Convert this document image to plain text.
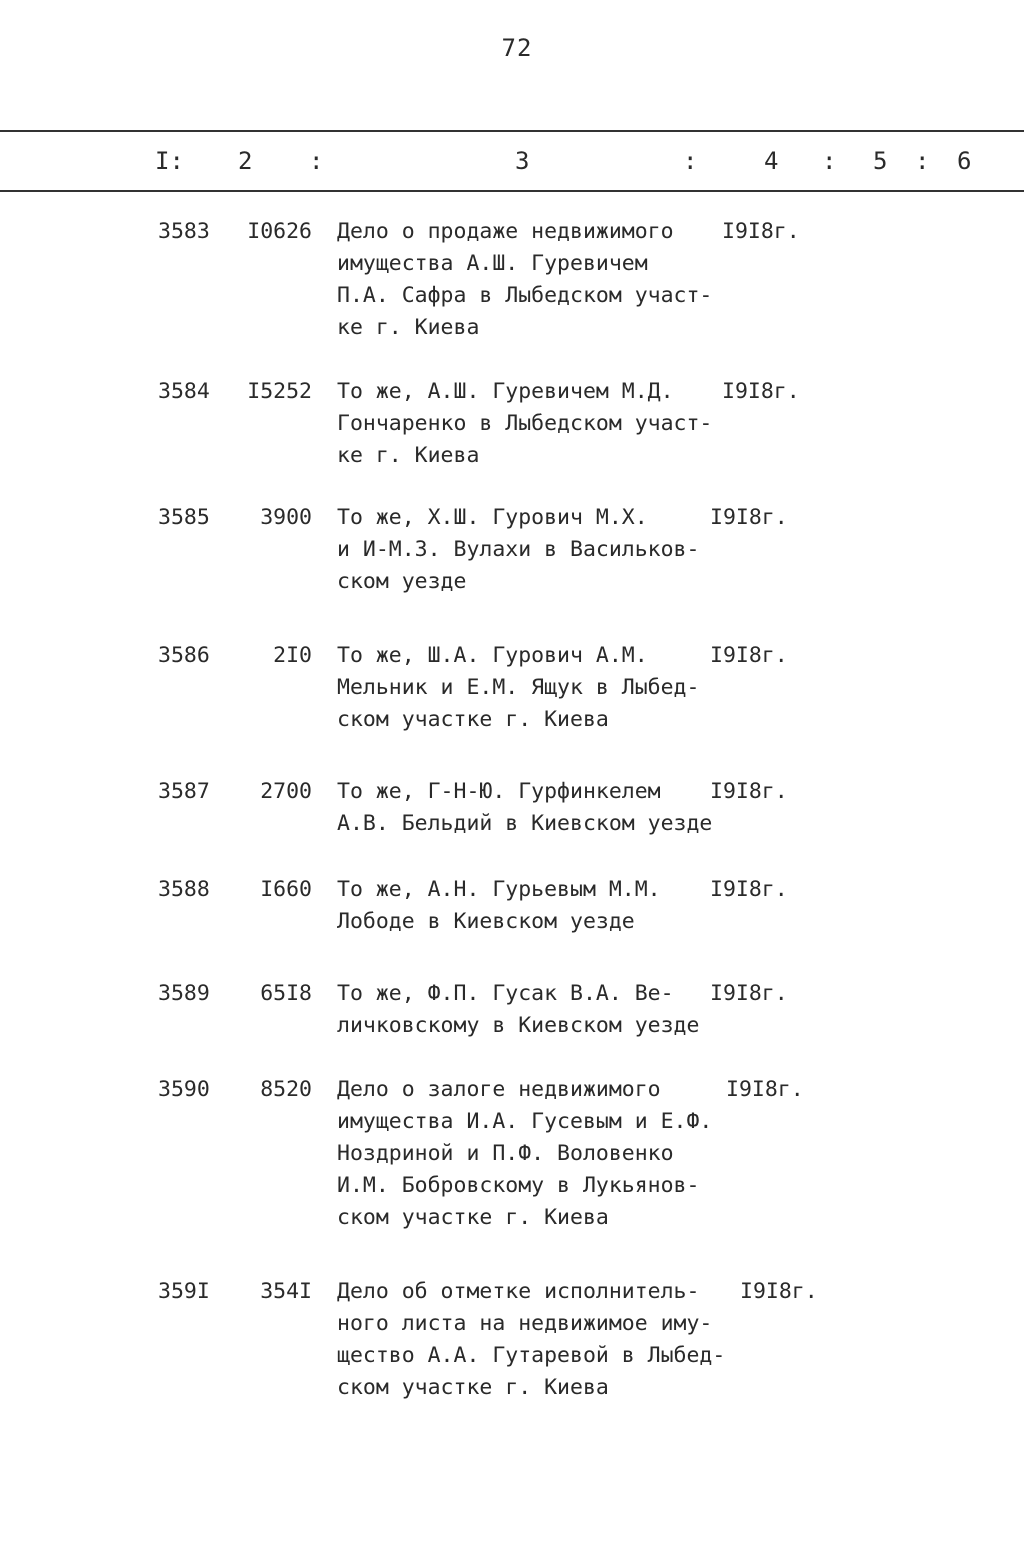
72
I: 2 :	3	:	4 : 5 : 6
3583 I0626 Дело о продаже недвижимого
имущества А.Ш. Гуревичем
П.А. Сафра в Лыбедском участ-
ке г. Киева
I9I8г.
3584 I5252 То же, А.Ш. Гуревичем М.Д.
Гончаренко в Лыбедском участ-
ке г. Киева
I9I8г.
3585 3900 То же, Х.Ш. Гурович М.Х.
и И-М.З. Вулахи в Васильков-
ском уезде
I9I8г.
3586	2I0 То же, Ш.А. Гурович А.М.
Мельник и Е.М. Ящук в Лыбед-
ском участке г. Киева
I9I8г.
3587 2700 То же, Г-Н-Ю. Гурфинкелем
А.В. Бельдий в Киевском уезде
I9I8г.
3588 I660 То же, А.Н. Гурьевым М.М.
Лободе в Киевском уезде
I9I8г.
3589 65I8 То же, Ф.П. Гусак В.А. Ве-
личковскому в Киевском уезде
I9I8г.
3590 8520 Дело о залоге недвижимого
имущества И.А. Гусевым и Е.Ф.
Ноздриной и П.Ф. Воловенко
И.М. Бобровскому в Лукьянов-
ском участке г. Киева
I9I8г.
359I 354I Дело об отметке исполнитель-
ного листа на недвижимое иму-
щество А.А. Гутаревой в Лыбед-
ском участке г. Киева
I9I8г.
